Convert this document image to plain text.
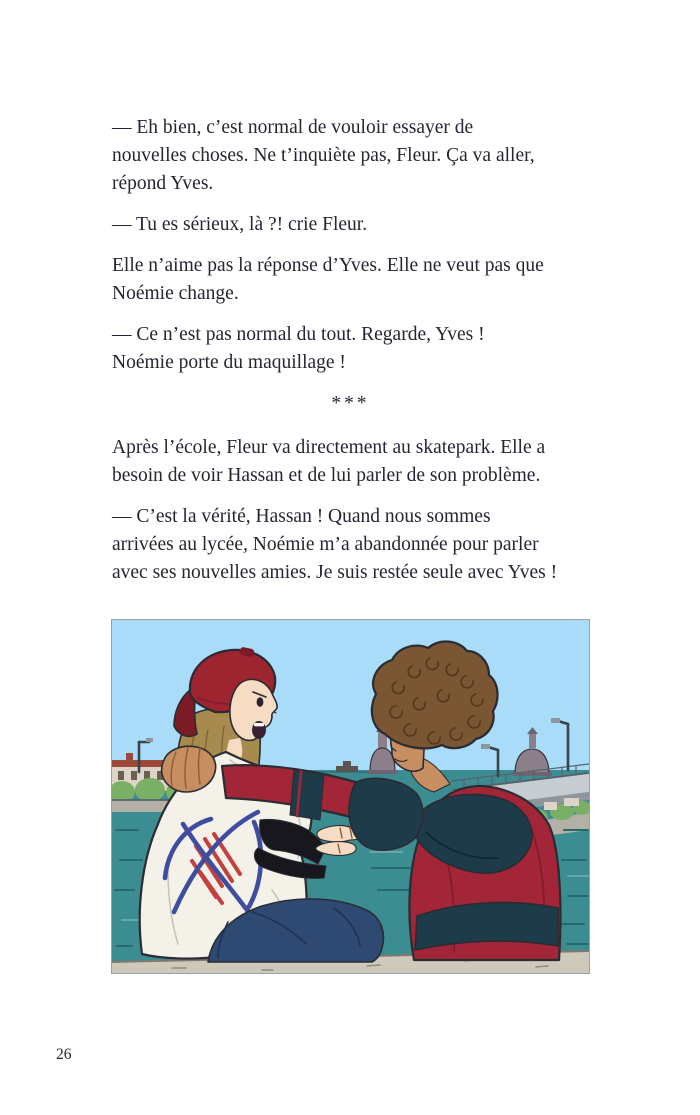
— Eh bien, c’est normal de vouloir essayer de
nouvelles choses. Ne t’inquiète pas, Fleur. Ça va aller,
répond Yves.

— Tu es sérieux, là ?! crie Fleur.

Elle n’aime pas la réponse d’Yves. Elle ne veut pas que
Noémie change.

— Ce n’est pas normal du tout. Regarde, Yves !
Noémie porte du maquillage !

***

Après l’école, Fleur va directement au skatepark. Elle a
besoin de voir Hassan et de lui parler de son problème.

— C’est la vérité, Hassan ! Quand nous sommes
arrivées au lycée, Noémie m’a abandonnée pour parler
avec ses nouvelles amies. Je suis restée seule avec Yves !

26
